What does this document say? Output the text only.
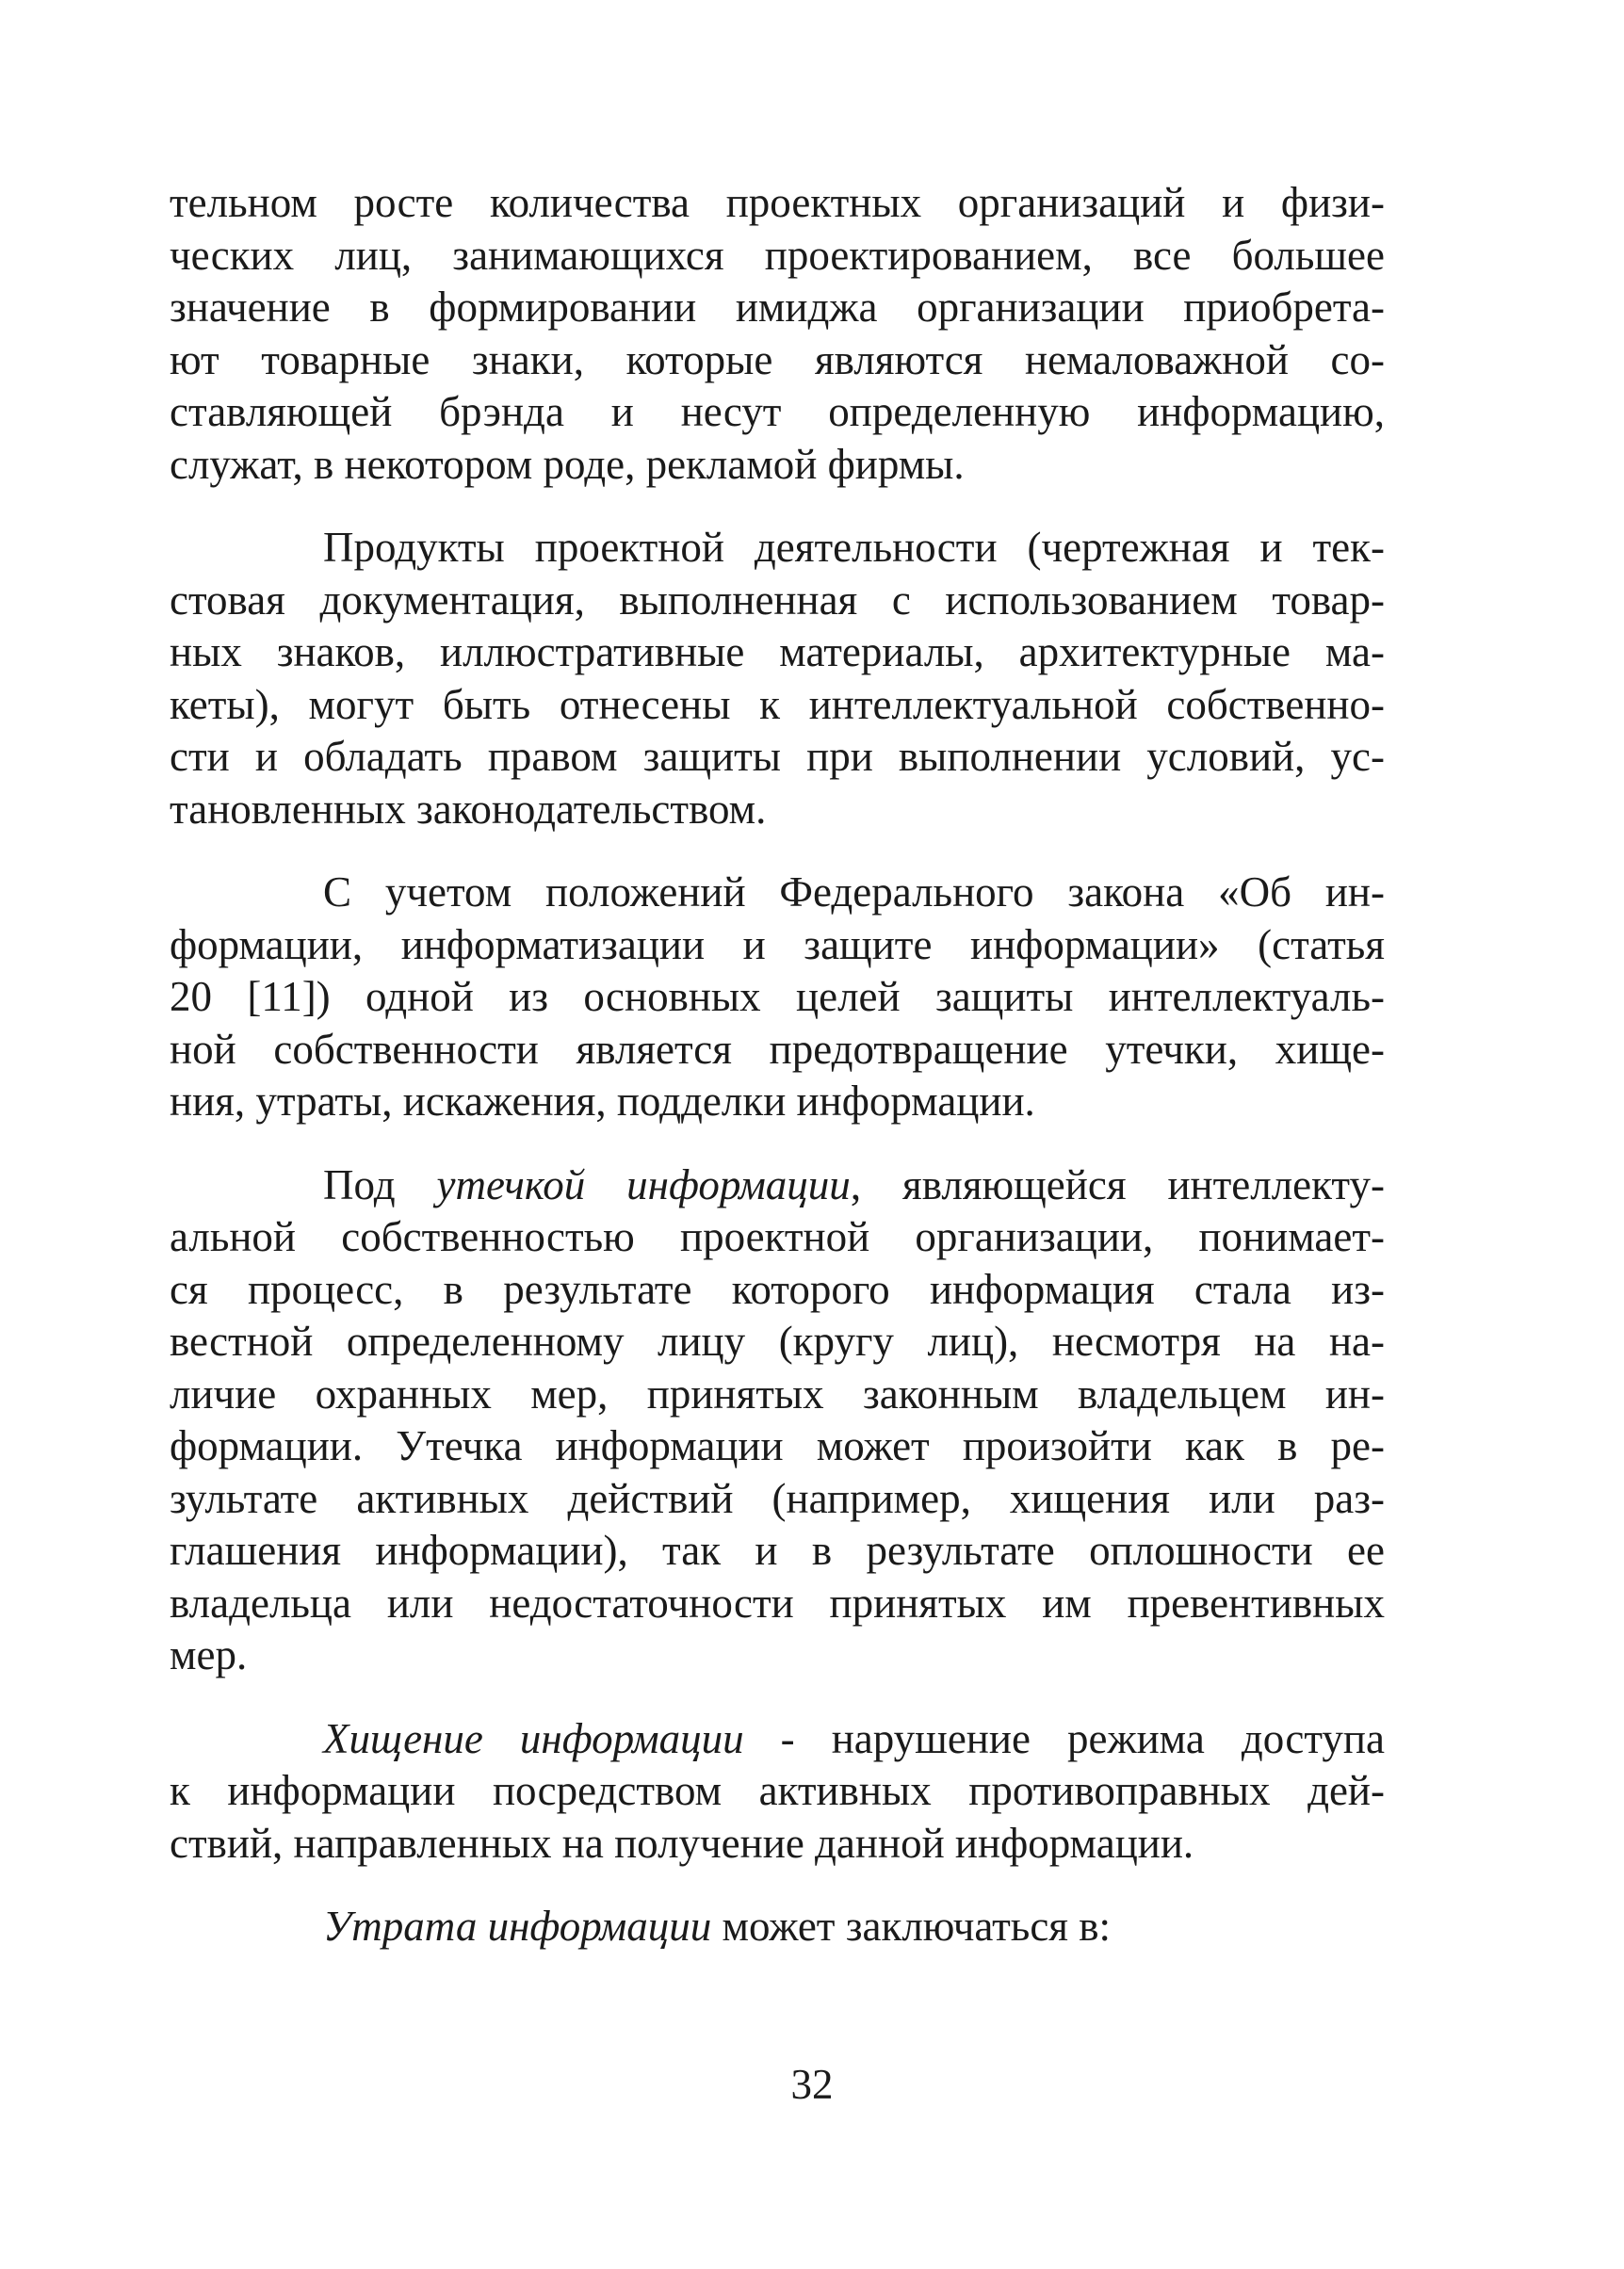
тельном росте количества проектных организаций и физи-
ческих лиц, занимающихся проектированием, все большее
значение в формировании имиджа организации приобрета-
ют товарные знаки, которые являются немаловажной со-
ставляющей брэнда и несут определенную информацию,
служат, в некотором роде, рекламой фирмы.
Продукты проектной деятельности (чертежная и тек-
стовая документация, выполненная с использованием товар-
ных знаков, иллюстративные материалы, архитектурные ма-
кеты), могут быть отнесены к интеллектуальной собственно-
сти и обладать правом защиты при выполнении условий, ус-
тановленных законодательством.
С учетом положений Федерального закона «Об ин-
формации, информатизации и защите информации» (статья
20 [11]) одной из основных целей защиты интеллектуаль-
ной собственности является предотвращение утечки, хище-
ния, утраты, искажения, подделки информации.
Под утечкой информации, являющейся интеллекту-
альной собственностью проектной организации, понимает-
ся процесс, в результате которого информация стала из-
вестной определенному лицу (кругу лиц), несмотря на на-
личие охранных мер, принятых законным владельцем ин-
формации. Утечка информации может произойти как в ре-
зультате активных действий (например, хищения или раз-
глашения информации), так и в результате оплошности ее
владельца или недостаточности принятых им превентивных
мер.
Хищение информации - нарушение режима доступа
к информации посредством активных противоправных дей-
ствий, направленных на получение данной информации.
Утрата информации может заключаться в:
32
